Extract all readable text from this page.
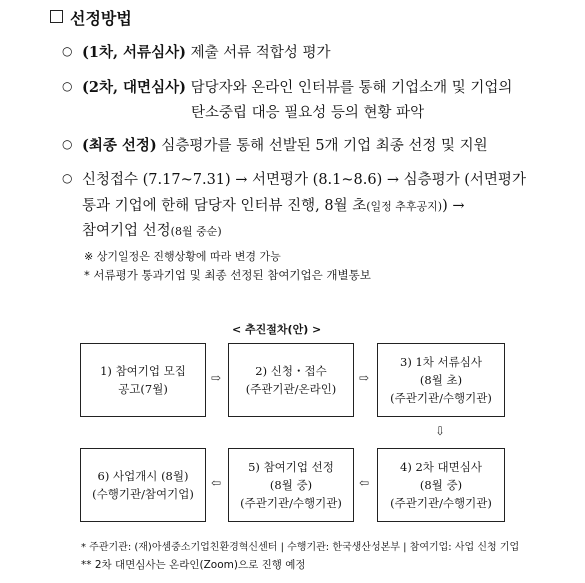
선정방법
○ (1차, 서류심사) 제출 서류 적합성 평가
○ (2차, 대면심사) 담당자와 온라인 인터뷰를 통해 기업소개 및 기업의
탄소중립 대응 필요성 등의 현황 파악
○ (최종 선정) 심층평가를 통해 선발된 5개 기업 최종 선정 및 지원
○ 신청접수 (7.17~7.31) → 서면평가 (8.1~8.6) → 심층평가 (서면평가
통과 기업에 한해 담당자 인터뷰 진행, 8월 초(일정 추후공지)) →
참여기업 선정(8월 중순)
※ 상기일정은 진행상황에 따라 변경 가능
* 서류평가 통과기업 및 최종 선정된 참여기업은 개별통보
< 추진절차(안) >
1) 참여기업 모집
공고(7월)
⇨	2) 신청・접수
(주관기관/온라인)
⇨
3) 1차 서류심사
(8월 초)
(주관기관/수행기관)
⇩
6) 사업개시 (8월)
(수행기관/참여기업)
⇦
5) 참여기업 선정
(8월 중)
(주관기관/수행기관)
⇦
4) 2차 대면심사
(8월 중)
(주관기관/수행기관)
* 주관기관: (재)아셈중소기업친환경혁신센터 | 수행기관: 한국생산성본부 | 참여기업: 사업 신청 기업
** 2차 대면심사는 온라인(Zoom)으로 진행 예정
